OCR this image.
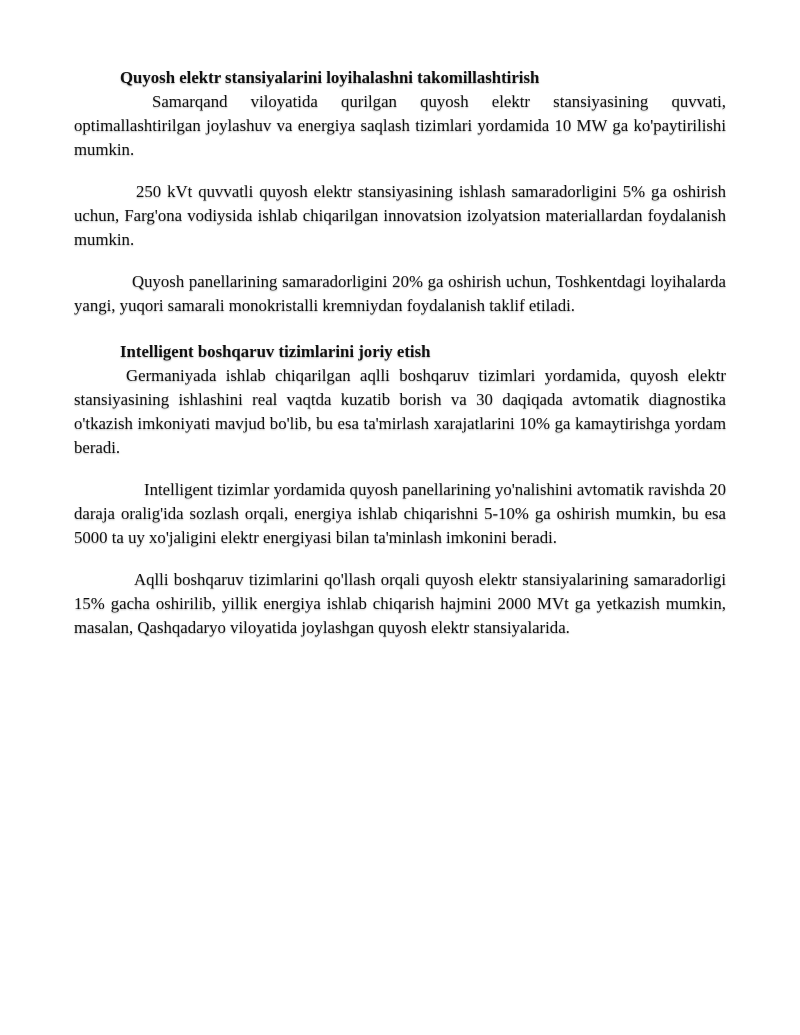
Quyosh elektr stansiyalarini loyihalashni takomillashtirish

Samarqand viloyatida qurilgan quyosh elektr stansiyasining quvvati, optimallashtirilgan joylashuv va energiya saqlash tizimlari yordamida 10 MW ga ko'paytirilishi mumkin.

250 kVt quvvatli quyosh elektr stansiyasining ishlash samaradorligini 5% ga oshirish uchun, Farg'ona vodiysida ishlab chiqarilgan innovatsion izolyatsion materiallardan foydalanish mumkin.

Quyosh panellarining samaradorligini 20% ga oshirish uchun, Toshkentdagi loyihalarda yangi, yuqori samarali monokristalli kremniydan foydalanish taklif etiladi.

Intelligent boshqaruv tizimlarini joriy etish

Germaniyada ishlab chiqarilgan aqlli boshqaruv tizimlari yordamida, quyosh elektr stansiyasining ishlashini real vaqtda kuzatib borish va 30 daqiqada avtomatik diagnostika o'tkazish imkoniyati mavjud bo'lib, bu esa ta'mirlash xarajatlarini 10% ga kamaytirishga yordam beradi.

Intelligent tizimlar yordamida quyosh panellarining yo'nalishini avtomatik ravishda 20 daraja oralig'ida sozlash orqali, energiya ishlab chiqarishni 5-10% ga oshirish mumkin, bu esa 5000 ta uy xo'jaligini elektr energiyasi bilan ta'minlash imkonini beradi.

Aqlli boshqaruv tizimlarini qo'llash orqali quyosh elektr stansiyalarining samaradorligi 15% gacha oshirilib, yillik energiya ishlab chiqarish hajmini 2000 MVt ga yetkazish mumkin, masalan, Qashqadaryo viloyatida joylashgan quyosh elektr stansiyalarida.
